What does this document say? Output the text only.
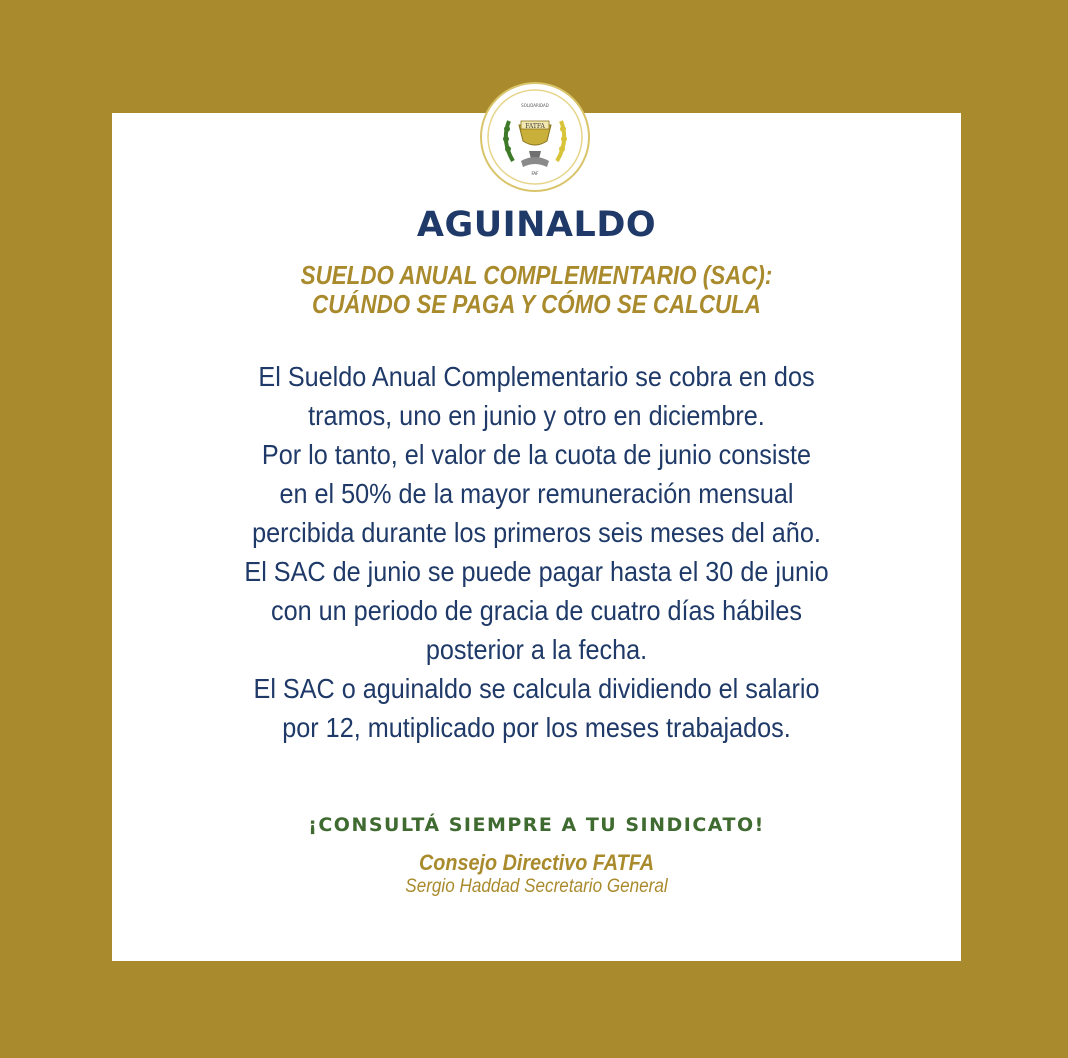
FATFA
FAF
SOLIDARIDAD
AGUINALDO
SUELDO ANUAL COMPLEMENTARIO (SAC):
CUÁNDO SE PAGA Y CÓMO SE CALCULA
El Sueldo Anual Complementario se cobra en dos
tramos, uno en junio y otro en diciembre.
Por lo tanto, el valor de la cuota de junio consiste
en el 50% de la mayor remuneración mensual
percibida durante los primeros seis meses del año.
El SAC de junio se puede pagar hasta el 30 de junio
con un periodo de gracia de cuatro días hábiles
posterior a la fecha.
El SAC o aguinaldo se calcula dividiendo el salario
por 12, mutiplicado por los meses trabajados.
¡CONSULTÁ SIEMPRE A TU SINDICATO!
Consejo Directivo FATFA
Sergio Haddad Secretario General
